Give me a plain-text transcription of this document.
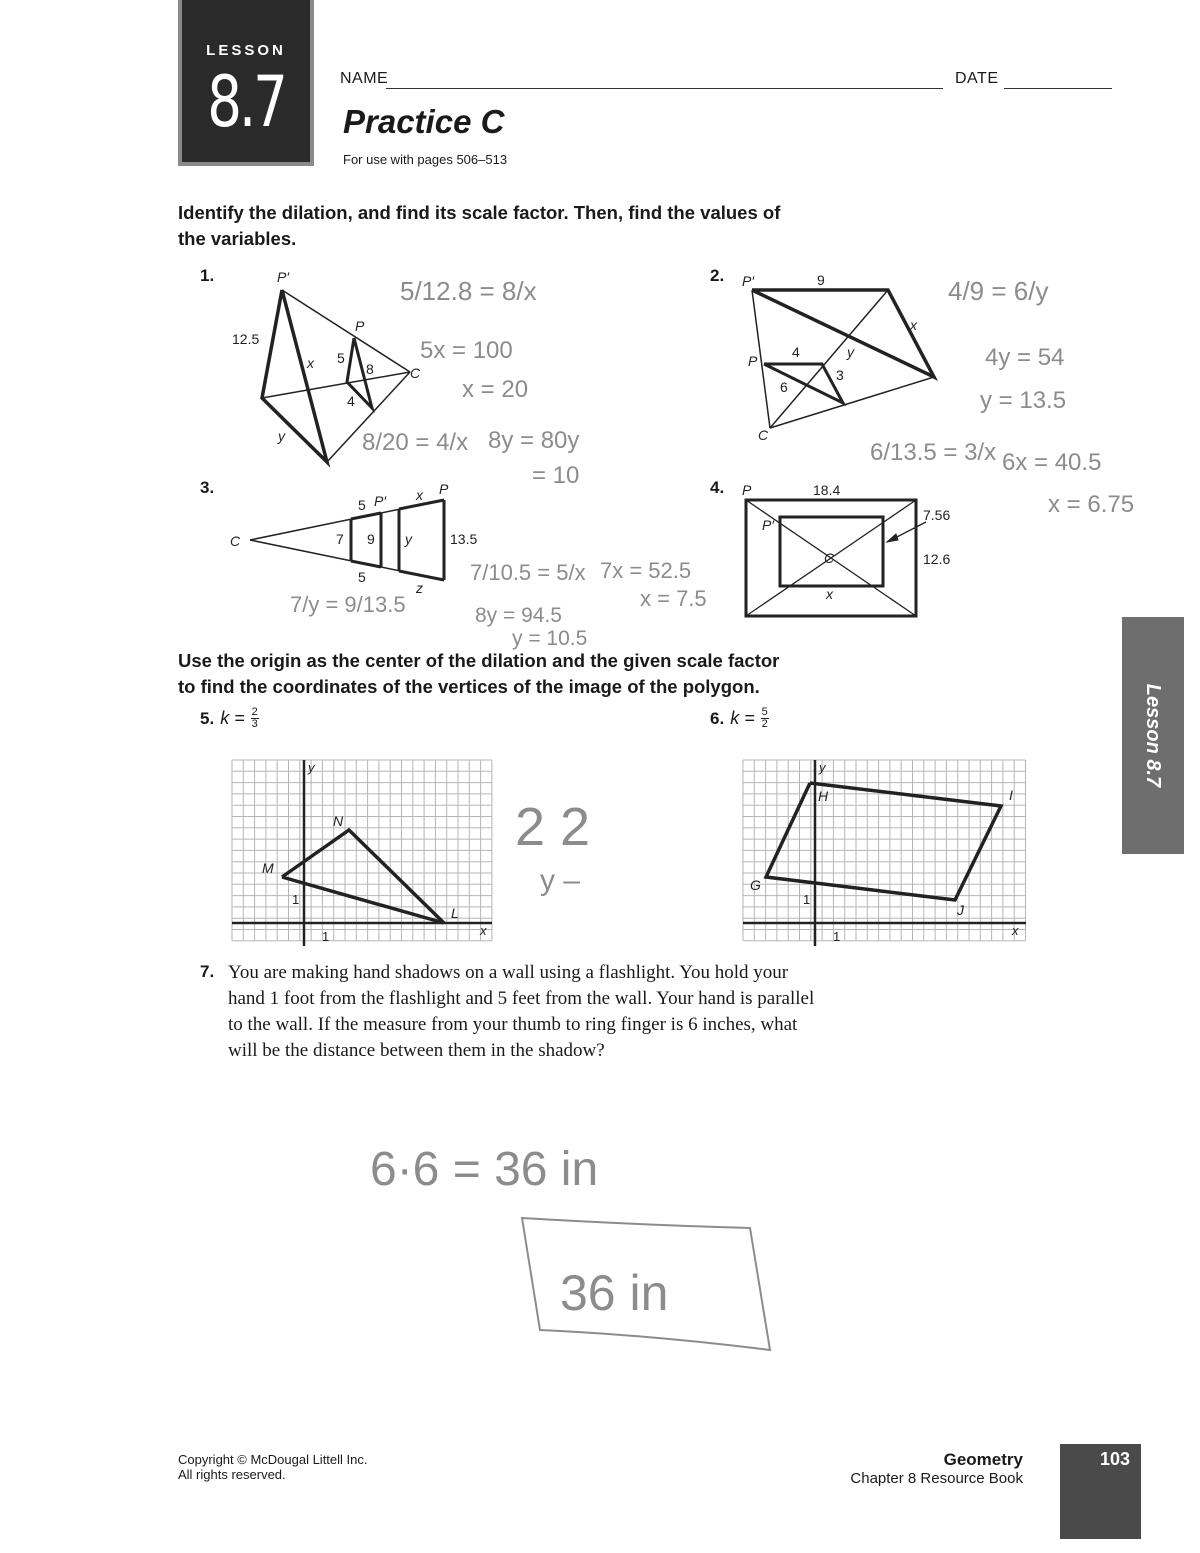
LESSON
8.7	NAME	DATE
Practice C
For use with pages 506–513
Identify the dilation, and find its scale factor. Then, find the values of
the variables.
1.	2.
3.	4.
P′
P
C
12.5
x 5
8
4
y
P′	9
x
y
P
4
6
3
C
C
5 P′ x P
7 9 y	13.5
5
z
P	18.4
P′
7.56
C	12.6
x
y
x
N
M
L
1
1
y
x
H	I
G
J
1
1
5/12.8 = 8/x
5x = 100
x = 20
8/20 = 4/x 8y = 80y
= 10
4/9 = 6/y
4y = 54
y = 13.5
6/13.5 = 3/x 6x = 40.5
x = 6.75
7/10.5 = 5/x 7x = 52.5
x = 7.5
7/y = 9/13.5	8y = 94.5
y = 10.5
2 2
y –
6·6 = 36 in
36 in
Use the origin as the center of the dilation and the given scale factor
to find the coordinates of the vertices of the image of the polygon.
5. k = 2
3	6. k = 5
2
7. You are making hand shadows on a wall using a flashlight. You hold your
hand 1 foot from the flashlight and 5 feet from the wall. Your hand is parallel
to the wall. If the measure from your thumb to ring finger is 6 inches, what
will be the distance between them in the shadow?
Lesson 8.7
Copyright © McDougal Littell Inc.
All rights reserved.
Geometry
Chapter 8 Resource Book
103
